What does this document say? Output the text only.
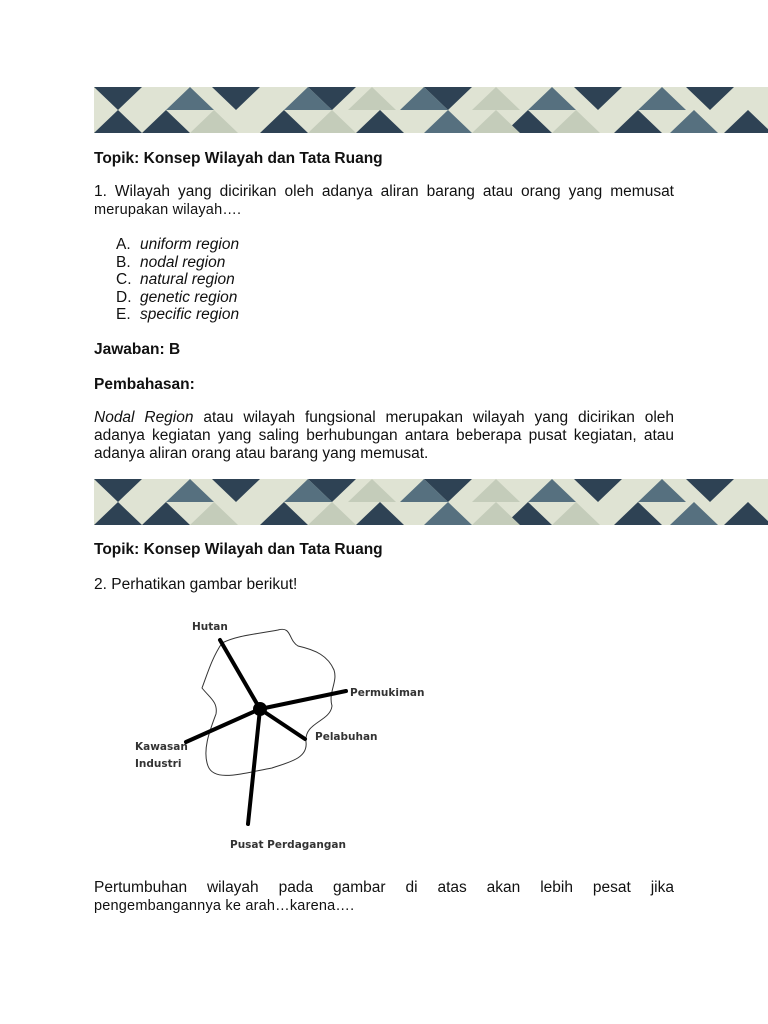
Topik: Konsep Wilayah dan Tata Ruang
1. Wilayah yang dicirikan oleh adanya aliran barang atau orang yang memusat
merupakan wilayah….
A. uniform region
B. nodal region
C. natural region
D. genetic region
E. specific region
Jawaban: B
Pembahasan:
Nodal Region atau wilayah fungsional merupakan wilayah yang dicirikan oleh
adanya kegiatan yang saling berhubungan antara beberapa pusat kegiatan, atau
adanya aliran orang atau barang yang memusat.
Topik: Konsep Wilayah dan Tata Ruang
2. Perhatikan gambar berikut!
Hutan
Permukiman
Pelabuhan
Kawasan
Industri
Pusat Perdagangan
Pertumbuhan wilayah pada gambar di atas akan lebih pesat jika
pengembangannya ke arah…karena….
